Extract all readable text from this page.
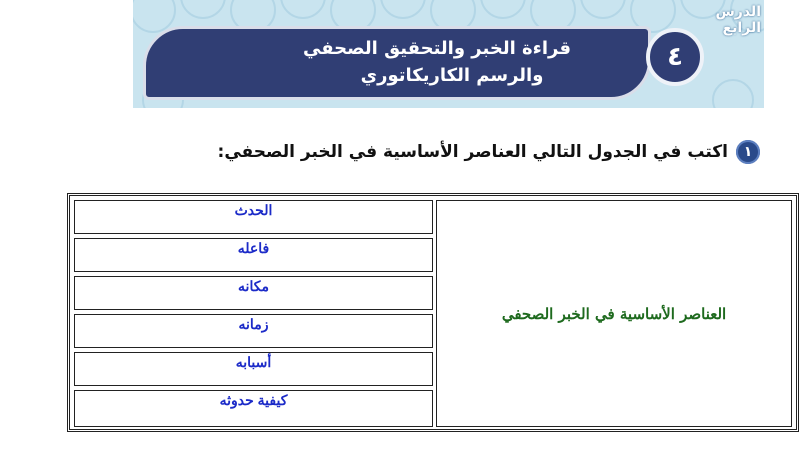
قراءة الخبر والتحقيق الصحفي
والرسم الكاريكاتوري
٤
الدرس
الرابع
١
اكتب في الجدول التالي العناصر الأساسية في الخبر الصحفي:
العناصر الأساسية في الخبر الصحفي
الحدث
فاعله
مكانه
زمانه
أسبابه
كيفية حدوثه
